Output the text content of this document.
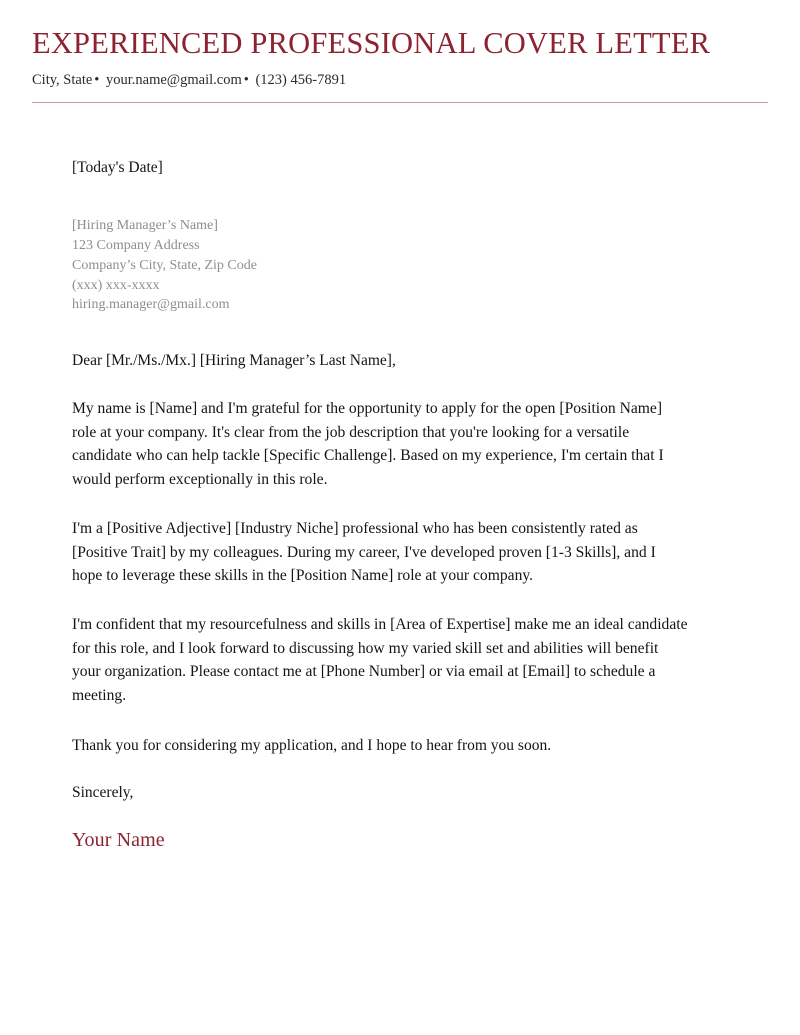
EXPERIENCED PROFESSIONAL COVER LETTER
City, State • your.name@gmail.com • (123) 456-7891
[Today's Date]
[Hiring Manager’s Name]
123 Company Address
Company’s City, State, Zip Code
(xxx) xxx-xxxx
hiring.manager@gmail.com
Dear [Mr./Ms./Mx.] [Hiring Manager’s Last Name],

My name is [Name] and I'm grateful for the opportunity to apply for the open [Position Name] role at your company. It's clear from the job description that you're looking for a versatile candidate who can help tackle [Specific Challenge]. Based on my experience, I'm certain that I would perform exceptionally in this role.

I'm a [Positive Adjective] [Industry Niche] professional who has been consistently rated as [Positive Trait] by my colleagues. During my career, I've developed proven [1-3 Skills], and I hope to leverage these skills in the [Position Name] role at your company.

I'm confident that my resourcefulness and skills in [Area of Expertise] make me an ideal candidate for this role, and I look forward to discussing how my varied skill set and abilities will benefit your organization. Please contact me at [Phone Number] or via email at [Email] to schedule a meeting.

Thank you for considering my application, and I hope to hear from you soon.
Sincerely,
Your Name
